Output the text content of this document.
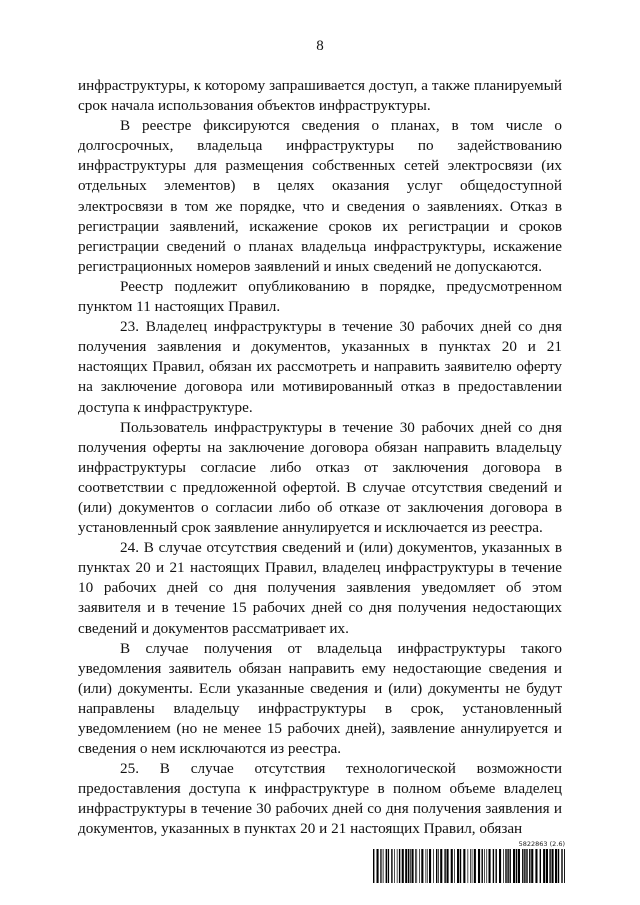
8

инфраструктуры, к которому запрашивается доступ, а также планируемый срок начала использования объектов инфраструктуры.

В реестре фиксируются сведения о планах, в том числе о долгосрочных, владельца инфраструктуры по задействованию инфраструктуры для размещения собственных сетей электросвязи (их отдельных элементов) в целях оказания услуг общедоступной электросвязи в том же порядке, что и сведения о заявлениях. Отказ в регистрации заявлений, искажение сроков их регистрации и сроков регистрации сведений о планах владельца инфраструктуры, искажение регистрационных номеров заявлений и иных сведений не допускаются.

Реестр подлежит опубликованию в порядке, предусмотренном пунктом 11 настоящих Правил.

23. Владелец инфраструктуры в течение 30 рабочих дней со дня получения заявления и документов, указанных в пунктах 20 и 21 настоящих Правил, обязан их рассмотреть и направить заявителю оферту на заключение договора или мотивированный отказ в предоставлении доступа к инфраструктуре.

Пользователь инфраструктуры в течение 30 рабочих дней со дня получения оферты на заключение договора обязан направить владельцу инфраструктуры согласие либо отказ от заключения договора в соответствии с предложенной офертой. В случае отсутствия сведений и (или) документов о согласии либо об отказе от заключения договора в установленный срок заявление аннулируется и исключается из реестра.

24. В случае отсутствия сведений и (или) документов, указанных в пунктах 20 и 21 настоящих Правил, владелец инфраструктуры в течение 10 рабочих дней со дня получения заявления уведомляет об этом заявителя и в течение 15 рабочих дней со дня получения недостающих сведений и документов рассматривает их.

В случае получения от владельца инфраструктуры такого уведомления заявитель обязан направить ему недостающие сведения и (или) документы. Если указанные сведения и (или) документы не будут направлены владельцу инфраструктуры в срок, установленный уведомлением (но не менее 15 рабочих дней), заявление аннулируется и сведения о нем исключаются из реестра.

25. В случае отсутствия технологической возможности предоставления доступа к инфраструктуре в полном объеме владелец инфраструктуры в течение 30 рабочих дней со дня получения заявления и документов, указанных в пунктах 20 и 21 настоящих Правил, обязан

5822863 (2.6)
